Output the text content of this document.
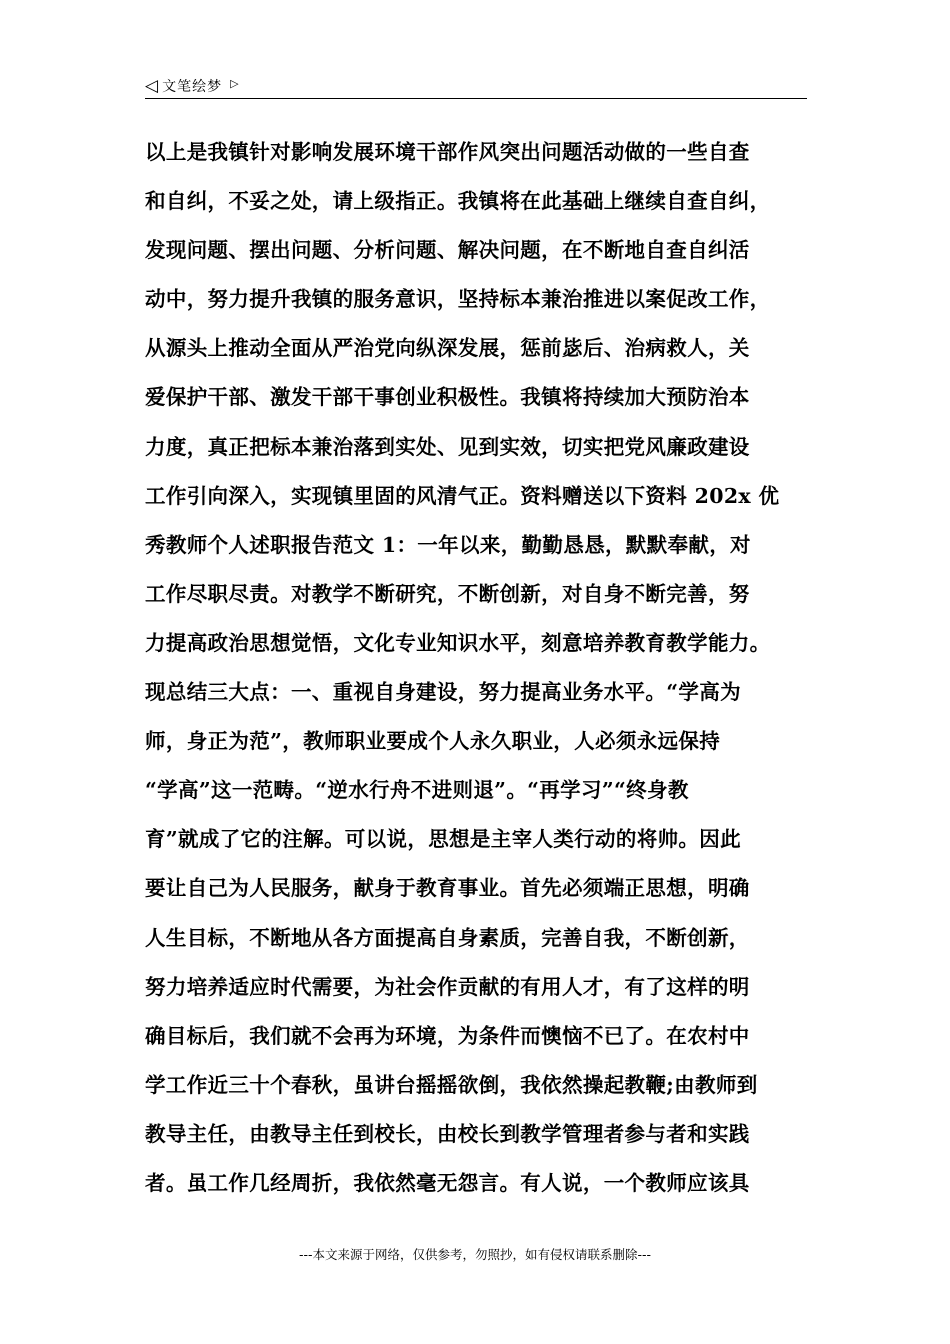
◁ 文笔绘梦 ▷
以上是我镇针对影响发展环境干部作风突出问题活动做的一些自查
和自纠，不妥之处，请上级指正。我镇将在此基础上继续自查自纠，
发现问题、摆出问题、分析问题、解决问题，在不断地自查自纠活
动中，努力提升我镇的服务意识，坚持标本兼治推进以案促改工作，
从源头上推动全面从严治党向纵深发展，惩前毖后、治病救人，关
爱保护干部、激发干部干事创业积极性。我镇将持续加大预防治本
力度，真正把标本兼治落到实处、见到实效，切实把党风廉政建设
工作引向深入，实现镇里固的风清气正。资料赠送以下资料 202x 优
秀教师个人述职报告范文 1：一年以来，勤勤恳恳，默默奉献，对
工作尽职尽责。对教学不断研究，不断创新，对自身不断完善，努
力提高政治思想觉悟，文化专业知识水平，刻意培养教育教学能力。
现总结三大点：一、重视自身建设，努力提高业务水平。“学高为
师，身正为范”，教师职业要成个人永久职业，人必须永远保持
“学高”这一范畴。“逆水行舟不进则退”。“再学习”“终身教
育”就成了它的注解。可以说，思想是主宰人类行动的将帅。因此
要让自己为人民服务，献身于教育事业。首先必须端正思想，明确
人生目标，不断地从各方面提高自身素质，完善自我，不断创新，
努力培养适应时代需要，为社会作贡献的有用人才，有了这样的明
确目标后，我们就不会再为环境，为条件而懊恼不已了。在农村中
学工作近三十个春秋，虽讲台摇摇欲倒，我依然操起教鞭;由教师到
教导主任，由教导主任到校长，由校长到教学管理者参与者和实践
者。虽工作几经周折，我依然毫无怨言。有人说，一个教师应该具
---本文来源于网络，仅供参考，勿照抄，如有侵权请联系删除---
